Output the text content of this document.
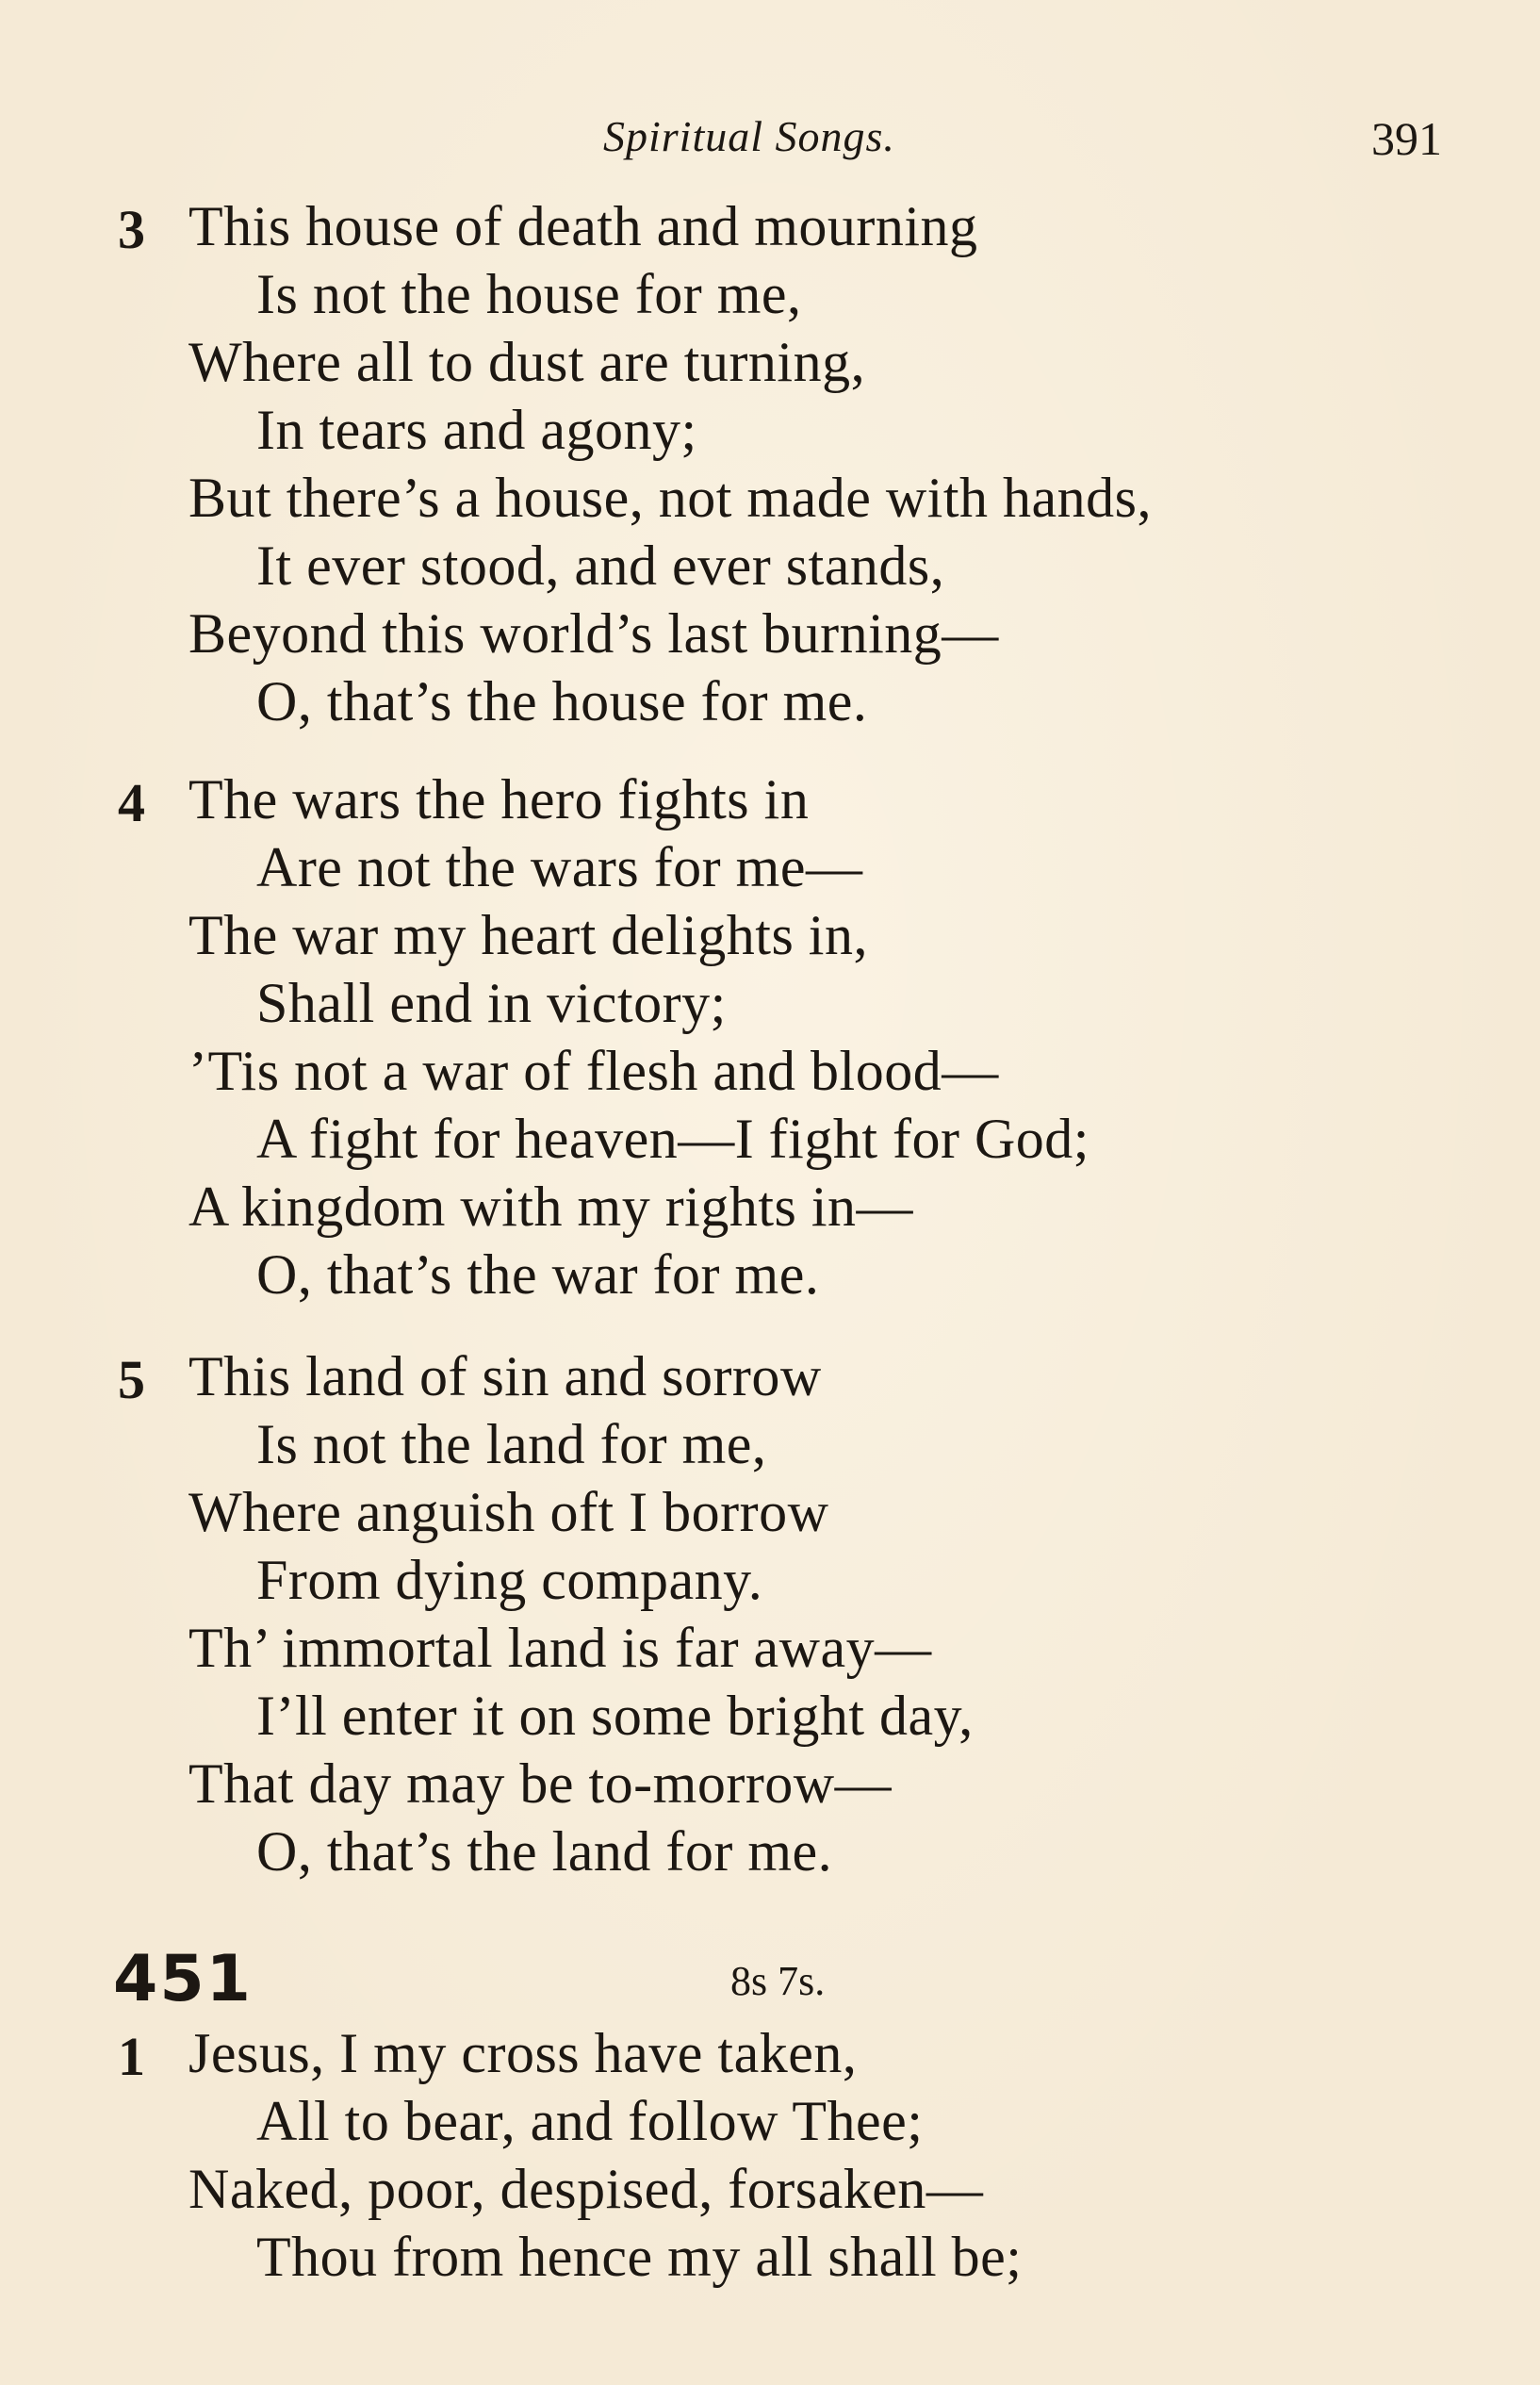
Spiritual Songs.	391
3 This house of death and mourning
Is not the house for me,
Where all to dust are turning,
In tears and agony;
But there’s a house, not made with hands,
It ever stood, and ever stands,
Beyond this world’s last burning—
O, that’s the house for me.
4 The wars the hero fights in
Are not the wars for me—
The war my heart delights in,
Shall end in victory;
’Tis not a war of flesh and blood—
A fight for heaven—I fight for God;
A kingdom with my rights in—
O, that’s the war for me.
5 This land of sin and sorrow
Is not the land for me,
Where anguish oft I borrow
From dying company.
Th’ immortal land is far away—
I’ll enter it on some bright day,
That day may be to-morrow—
O, that’s the land for me.
451	8s 7s.
1 Jesus, I my cross have taken,
All to bear, and follow Thee;
Naked, poor, despised, forsaken—
Thou from hence my all shall be;
